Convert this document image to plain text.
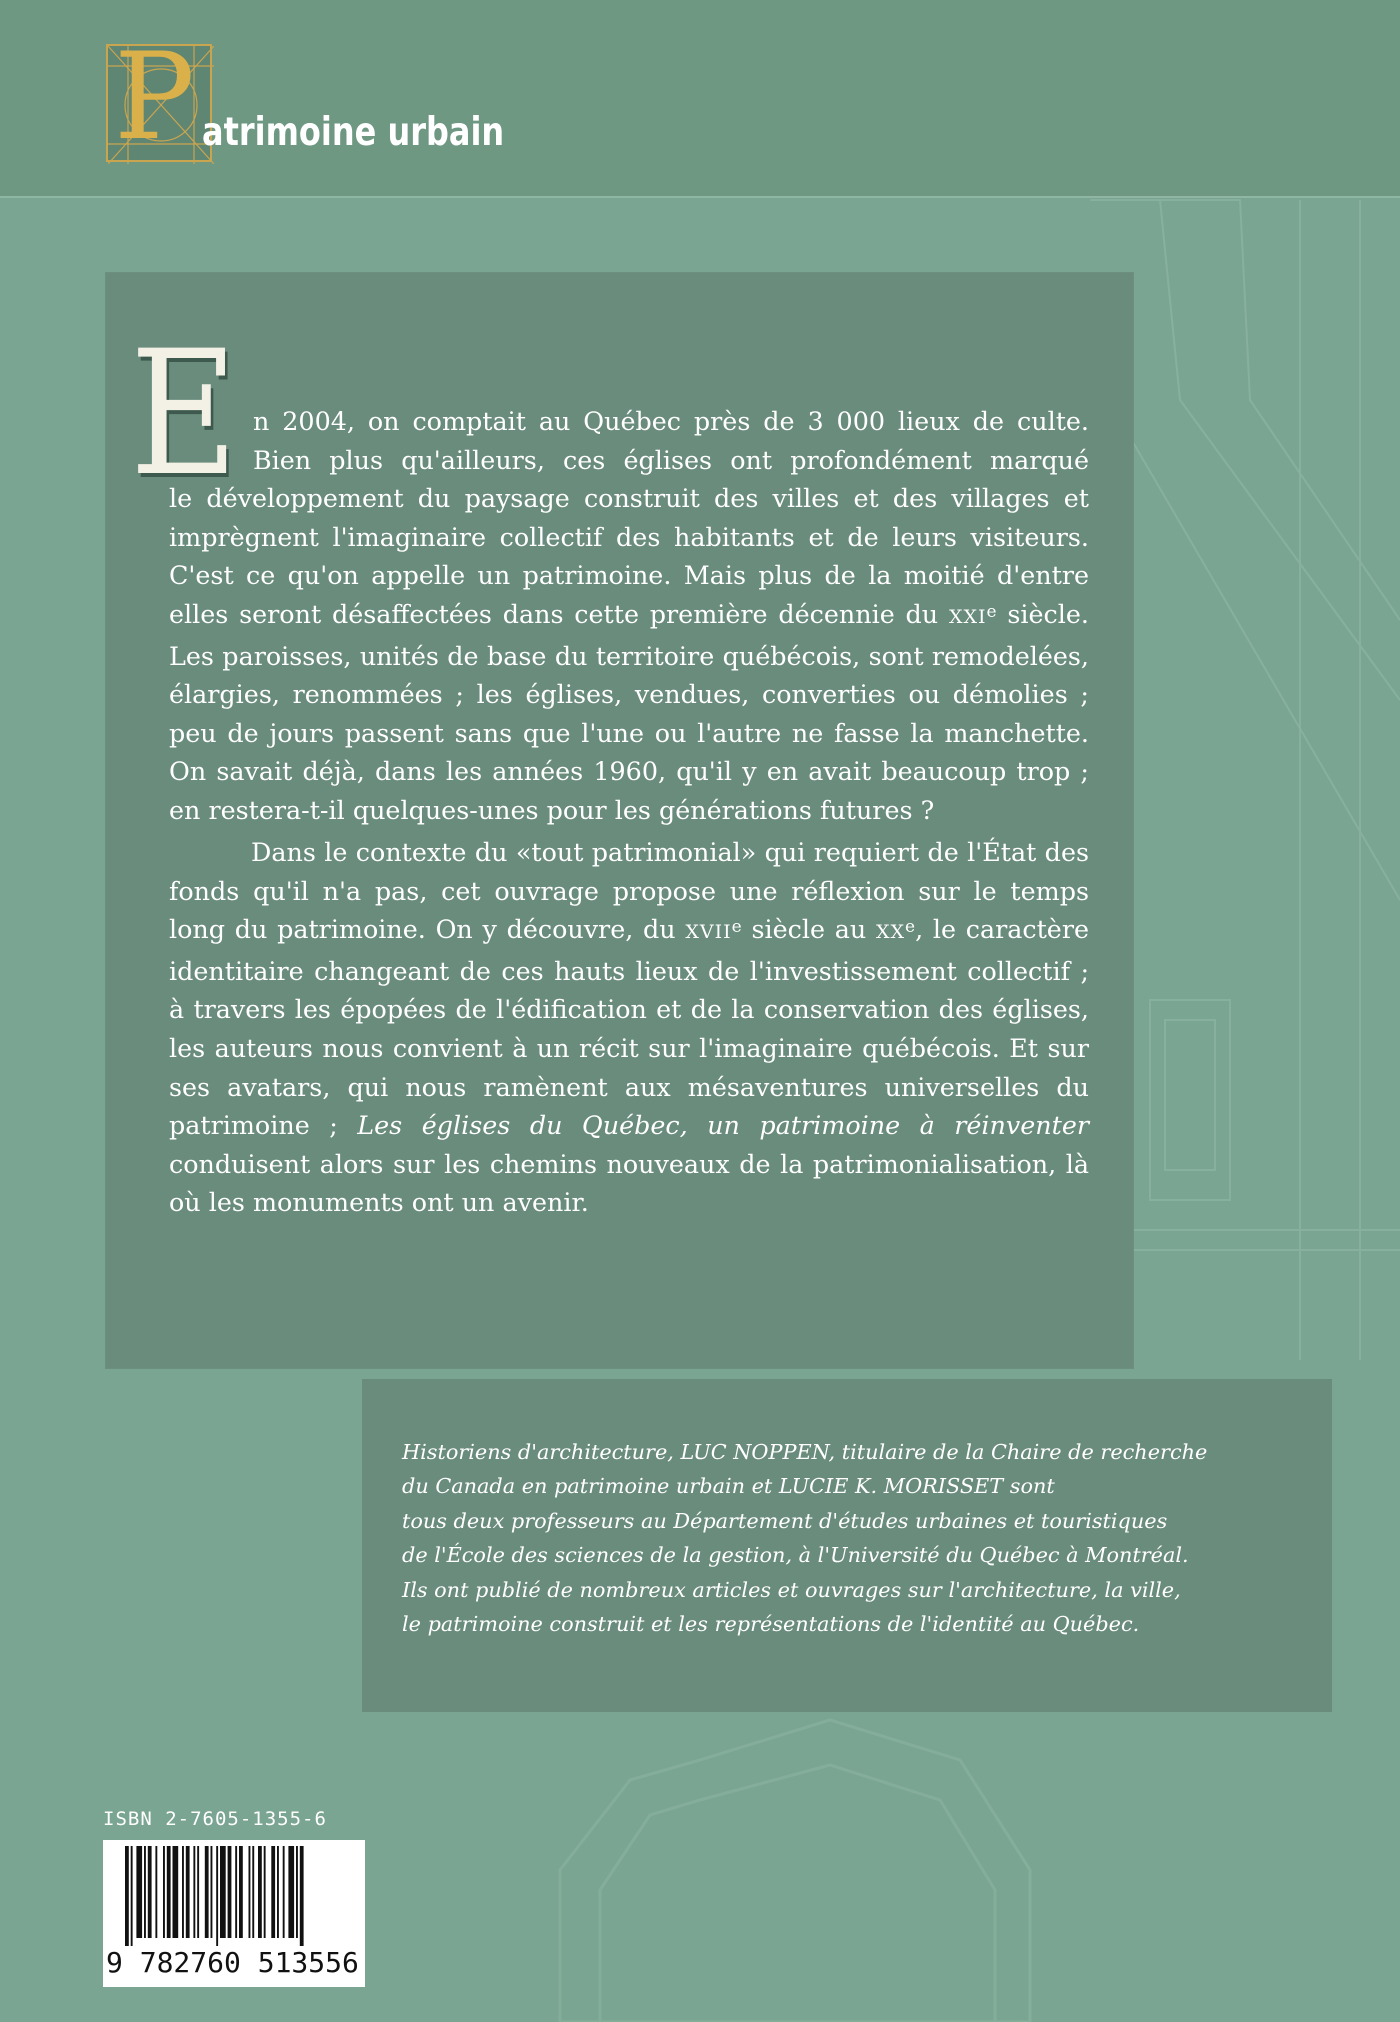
P atrimoine urbain
E n 2004, on comptait au Québec près de 3 000 lieux de culte.
Bien plus qu'ailleurs, ces églises ont profondément marqué
le développement du paysage construit des villes et des villages et imprègnent l'imaginaire collectif des habitants et de leurs visiteurs. C'est ce qu'on appelle un patrimoine. Mais plus de la moitié d'entre elles seront désaffectées dans cette première décennie du XXIe siècle. Les paroisses, unités de base du territoire québécois, sont remodelées, élargies, renommées ; les églises, vendues, converties ou démolies ; peu de jours passent sans que l'une ou l'autre ne fasse la manchette. On savait déjà, dans les années 1960, qu'il y en avait beaucoup trop ; en restera-t-il quelques-unes pour les générations futures ?

Dans le contexte du «tout patrimonial» qui requiert de l'État des fonds qu'il n'a pas, cet ouvrage propose une réflexion sur le temps long du patrimoine. On y découvre, du XVIIe siècle au XXe, le caractère identitaire changeant de ces hauts lieux de l'investissement collectif ; à travers les épopées de l'édification et de la conservation des églises, les auteurs nous convient à un récit sur l'imaginaire québécois. Et sur ses avatars, qui nous ramènent aux mésaventures universelles du patrimoine ; Les églises du Québec, un patrimoine à réinventer conduisent alors sur les chemins nouveaux de la patrimonialisation, là où les monuments ont un avenir.

Historiens d'architecture, LUC NOPPEN, titulaire de la Chaire de recherche
du Canada en patrimoine urbain et LUCIE K. MORISSET sont
tous deux professeurs au Département d'études urbaines et touristiques
de l'École des sciences de la gestion, à l'Université du Québec à Montréal.
Ils ont publié de nombreux articles et ouvrages sur l'architecture, la ville,
le patrimoine construit et les représentations de l'identité au Québec.

ISBN 2-7605-1355-6
9 782760 513556
